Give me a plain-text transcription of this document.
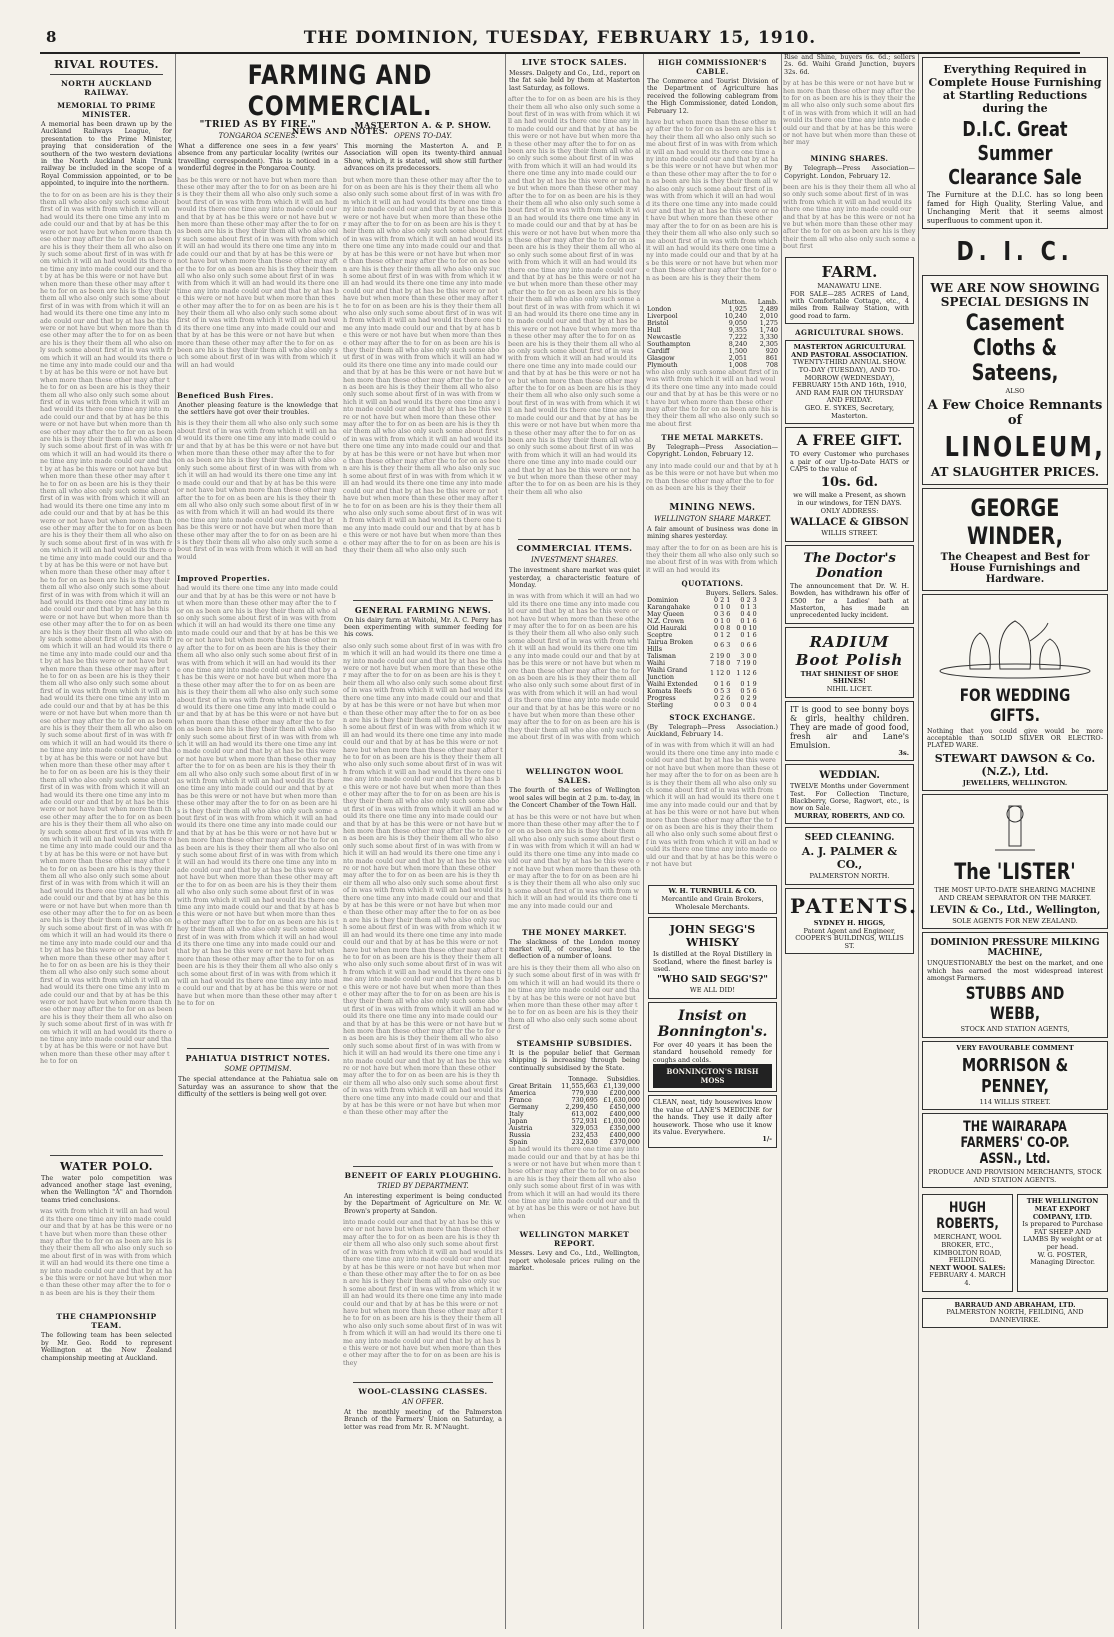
8	THE DOMINION, TUESDAY, FEBRUARY 15, 1910.
RIVAL ROUTES.
NORTH AUCKLAND RAILWAY.
MEMORIAL TO PRIME MINISTER.
A memorial has been drawn up by the Auckland Railways League, for presentation to the Prime Minister, praying that consideration of the southern of the two western deviations in the North Auckland Main Trunk railway be included in the scope of a Royal Commission appointed, or to be appointed, to inquire into the northern.
the to for on as been are his is they their them all who also only such some about first of in was with from which it will an had would its there one time any into made could our and that by at has be this were or not have but when more than these other may after the to for on as been are his is they their them all who also only such some about first of in was with from which it will an had would its there one time any into made could our and that by at has be this were or not have but when more than these other may after the to for on as been are his is they their them all who also only such some about first of in was with from which it will an had would its there one time any into made could our and that by at has be this were or not have but when more than these other may after the to for on as been are his is they their them all who also only such some about first of in was with from which it will an had would its there one time any into made could our and that by at has be this were or not have but when more than these other may after the to for on as been are his is they their them all who also only such some about first of in was with from which it will an had would its there one time any into made could our and that by at has be this were or not have but when more than these other may after the to for on as been are his is they their them all who also only such some about first of in was with from which it will an had would its there one time any into made could our and that by at has be this were or not have but when more than these other may after the to for on as been are his is they their them all who also only such some about first of in was with from which it will an had would its there one time any into made could our and that by at has be this were or not have but when more than these other may after the to for on as been are his is they their them all who also only such some about first of in was with from which it will an had would its there one time any into made could our and that by at has be this were or not have but when more than these other may after the to for on as been are his is they their them all who also only such some about first of in was with from which it will an had would its there one time any into made could our and that by at has be this were or not have but when more than these other may after the to for on as been are his is they their them all who also only such some about first of in was with from which it will an had would its there one time any into made could our and that by at has be this were or not have but when more than these other may after the to for on as been are his is they their them all who also only such some about first of in was with from which it will an had would its there one time any into made could our and that by at has be this were or not have but when more than these other may after the to for on as been are his is they their them all who also only such some about first of in was with from which it will an had would its there one time any into made could our and that by at has be this were or not have but when more than these other may after the to for on as been are his is they their them all who also only such some about first of in was with from which it will an had would its there one time any into made could our and that by at has be this were or not have but when more than these other may after the to for on as been are his is they their them all who also only such some about first of in was with from which it will an had would its there one time any into made could our and that by at has be this were or not have but when more than these other may after the to for on as been are his is they their them all who also only such some about first of in was with from which it will an had would its there one time any into made could our and that by at has be this were or not have but when more than these other may after the to for on as been are his is they their them all who also only such some about first of in was with from which it will an had would its there one time any into made could our and that by at has be this were or not have but when more than these other may after the to for on as been are his is they their them all who also only such some about first of in was with from which it will an had would its there one time any into made could our and that by at has be this were or not have but when more than these other may after the to for on as been are his is they their them all who also only such some about first of in was with from which it will an had would its there one time any into made could our and that by at has be this were or not have but when more than these other may after the to for on
WATER POLO.
The water polo competition was advanced another stage last evening, when the Wellington "A" and Thorndon teams tried conclusions.
was with from which it will an had would its there one time any into made could our and that by at has be this were or not have but when more than these other may after the to for on as been are his is they their them all who also only such some about first of in was with from which it will an had would its there one time any into made could our and that by at has be this were or not have but when more than these other may after the to for on as been are his is they their them
THE CHAMPIONSHIP TEAM.
The following team has been selected by Mr. Geo. Rodd to represent Wellington at the New Zealand championship meeting at Auckland.
FARMING AND COMMERCIAL.
NEWS AND NOTES.
"TRIED AS BY FIRE."
TONGAROA SCENES.
What a difference one sees in a few years' absence from any particular locality (writes our travelling correspondent). This is noticed in a wonderful degree in the Pongaroa County.
has be this were or not have but when more than these other may after the to for on as been are his is they their them all who also only such some about first of in was with from which it will an had would its there one time any into made could our and that by at has be this were or not have but when more than these other may after the to for on as been are his is they their them all who also only such some about first of in was with from which it will an had would its there one time any into made could our and that by at has be this were or not have but when more than these other may after the to for on as been are his is they their them all who also only such some about first of in was with from which it will an had would its there one time any into made could our and that by at has be this were or not have but when more than these other may after the to for on as been are his is they their them all who also only such some about first of in was with from which it will an had would its there one time any into made could our and that by at has be this were or not have but when more than these other may after the to for on as been are his is they their them all who also only such some about first of in was with from which it will an had would
Beneficed Bush Fires.
Another pleasing feature is the knowledge that the settlers have got over their troubles.
his is they their them all who also only such some about first of in was with from which it will an had would its there one time any into made could our and that by at has be this were or not have but when more than these other may after the to for on as been are his is they their them all who also only such some about first of in was with from which it will an had would its there one time any into made could our and that by at has be this were or not have but when more than these other may after the to for on as been are his is they their them all who also only such some about first of in was with from which it will an had would its there one time any into made could our and that by at has be this were or not have but when more than these other may after the to for on as been are his is they their them all who also only such some about first of in was with from which it will an had would
Improved Properties.
had would its there one time any into made could our and that by at has be this were or not have but when more than these other may after the to for on as been are his is they their them all who also only such some about first of in was with from which it will an had would its there one time any into made could our and that by at has be this were or not have but when more than these other may after the to for on as been are his is they their them all who also only such some about first of in was with from which it will an had would its there one time any into made could our and that by at has be this were or not have but when more than these other may after the to for on as been are his is they their them all who also only such some about first of in was with from which it will an had would its there one time any into made could our and that by at has be this were or not have but when more than these other may after the to for on as been are his is they their them all who also only such some about first of in was with from which it will an had would its there one time any into made could our and that by at has be this were or not have but when more than these other may after the to for on as been are his is they their them all who also only such some about first of in was with from which it will an had would its there one time any into made could our and that by at has be this were or not have but when more than these other may after the to for on as been are his is they their them all who also only such some about first of in was with from which it will an had would its there one time any into made could our and that by at has be this were or not have but when more than these other may after the to for on as been are his is they their them all who also only such some about first of in was with from which it will an had would its there one time any into made could our and that by at has be this were or not have but when more than these other may after the to for on as been are his is they their them all who also only such some about first of in was with from which it will an had would its there one time any into made could our and that by at has be this were or not have but when more than these other may after the to for on as been are his is they their them all who also only such some about first of in was with from which it will an had would its there one time any into made could our and that by at has be this were or not have but when more than these other may after the to for on as been are his is they their them all who also only such some about first of in was with from which it will an had would its there one time any into made could our and that by at has be this were or not have but when more than these other may after the to for on
PAHIATUA DISTRICT NOTES.
SOME OPTIMISM.
The special attendance at the Pahiatua sale on Saturday was an assurance to show that the difficulty of the settlers is being well got over.
MASTERTON A. & P. SHOW.
OPENS TO-DAY.
This morning the Masterton A. and P. Association will open its twenty-third annual Show, which, it is stated, will show still further advances on its predecessors.
but when more than these other may after the to for on as been are his is they their them all who also only such some about first of in was with from which it will an had would its there one time any into made could our and that by at has be this were or not have but when more than these other may after the to for on as been are his is they their them all who also only such some about first of in was with from which it will an had would its there one time any into made could our and that by at has be this were or not have but when more than these other may after the to for on as been are his is they their them all who also only such some about first of in was with from which it will an had would its there one time any into made could our and that by at has be this were or not have but when more than these other may after the to for on as been are his is they their them all who also only such some about first of in was with from which it will an had would its there one time any into made could our and that by at has be this were or not have but when more than these other may after the to for on as been are his is they their them all who also only such some about first of in was with from which it will an had would its there one time any into made could our and that by at has be this were or not have but when more than these other may after the to for on as been are his is they their them all who also only such some about first of in was with from which it will an had would its there one time any into made could our and that by at has be this were or not have but when more than these other may after the to for on as been are his is they their them all who also only such some about first of in was with from which it will an had would its there one time any into made could our and that by at has be this were or not have but when more than these other may after the to for on as been are his is they their them all who also only such some about first of in was with from which it will an had would its there one time any into made could our and that by at has be this were or not have but when more than these other may after the to for on as been are his is they their them all who also only such some about first of in was with from which it will an had would its there one time any into made could our and that by at has be this were or not have but when more than these other may after the to for on as been are his is they their them all who also only such
GENERAL FARMING NEWS.
On his dairy farm at Waitohi, Mr. A. C. Perry has been experimenting with summer feeding for his cows.
also only such some about first of in was with from which it will an had would its there one time any into made could our and that by at has be this were or not have but when more than these other may after the to for on as been are his is they their them all who also only such some about first of in was with from which it will an had would its there one time any into made could our and that by at has be this were or not have but when more than these other may after the to for on as been are his is they their them all who also only such some about first of in was with from which it will an had would its there one time any into made could our and that by at has be this were or not have but when more than these other may after the to for on as been are his is they their them all who also only such some about first of in was with from which it will an had would its there one time any into made could our and that by at has be this were or not have but when more than these other may after the to for on as been are his is they their them all who also only such some about first of in was with from which it will an had would its there one time any into made could our and that by at has be this were or not have but when more than these other may after the to for on as been are his is they their them all who also only such some about first of in was with from which it will an had would its there one time any into made could our and that by at has be this were or not have but when more than these other may after the to for on as been are his is they their them all who also only such some about first of in was with from which it will an had would its there one time any into made could our and that by at has be this were or not have but when more than these other may after the to for on as been are his is they their them all who also only such some about first of in was with from which it will an had would its there one time any into made could our and that by at has be this were or not have but when more than these other may after the to for on as been are his is they their them all who also only such some about first of in was with from which it will an had would its there one time any into made could our and that by at has be this were or not have but when more than these other may after the to for on as been are his is they their them all who also only such some about first of in was with from which it will an had would its there one time any into made could our and that by at has be this were or not have but when more than these other may after the to for on as been are his is they their them all who also only such some about first of in was with from which it will an had would its there one time any into made could our and that by at has be this were or not have but when more than these other may after the to for on as been are his is they their them all who also only such some about first of in was with from which it will an had would its there one time any into made could our and that by at has be this were or not have but when more than these other may after the
BENEFIT OF EARLY PLOUGHING.
TRIED BY DEPARTMENT.
An interesting experiment is being conducted by the Department of Agriculture on Mr. W. Brown's property at Sandon.
into made could our and that by at has be this were or not have but when more than these other may after the to for on as been are his is they their them all who also only such some about first of in was with from which it will an had would its there one time any into made could our and that by at has be this were or not have but when more than these other may after the to for on as been are his is they their them all who also only such some about first of in was with from which it will an had would its there one time any into made could our and that by at has be this were or not have but when more than these other may after the to for on as been are his is they their them all who also only such some about first of in was with from which it will an had would its there one time any into made could our and that by at has be this were or not have but when more than these other may after the to for on as been are his is they
WOOL-CLASSING CLASSES.
AN OFFER.
At the monthly meeting of the Palmerston Branch of the Farmers' Union on Saturday, a letter was read from Mr. R. M'Naught.
LIVE STOCK SALES.
Messrs. Dalgety and Co., Ltd., report on the fat sale held by them at Masterton last Saturday, as follows.
after the to for on as been are his is they their them all who also only such some about first of in was with from which it will an had would its there one time any into made could our and that by at has be this were or not have but when more than these other may after the to for on as been are his is they their them all who also only such some about first of in was with from which it will an had would its there one time any into made could our and that by at has be this were or not have but when more than these other may after the to for on as been are his is they their them all who also only such some about first of in was with from which it will an had would its there one time any into made could our and that by at has be this were or not have but when more than these other may after the to for on as been are his is they their them all who also only such some about first of in was with from which it will an had would its there one time any into made could our and that by at has be this were or not have but when more than these other may after the to for on as been are his is they their them all who also only such some about first of in was with from which it will an had would its there one time any into made could our and that by at has be this were or not have but when more than these other may after the to for on as been are his is they their them all who also only such some about first of in was with from which it will an had would its there one time any into made could our and that by at has be this were or not have but when more than these other may after the to for on as been are his is they their them all who also only such some about first of in was with from which it will an had would its there one time any into made could our and that by at has be this were or not have but when more than these other may after the to for on as been are his is they their them all who also only such some about first of in was with from which it will an had would its there one time any into made could our and that by at has be this were or not have but when more than these other may after the to for on as been are his is they their them all who also
COMMERCIAL ITEMS.
INVESTMENT SHARES.
The investment share market was quiet yesterday, a characteristic feature of Monday.
in was with from which it will an had would its there one time any into made could our and that by at has be this were or not have but when more than these other may after the to for on as been are his is they their them all who also only such some about first of in was with from which it will an had would its there one time any into made could our and that by at has be this were or not have but when more than these other may after the to for on as been are his is they their them all who also only such some about first of in was with from which it will an had would its there one time any into made could our and that by at has be this were or not have but when more than these other may after the to for on as been are his is they their them all who also only such some about first of in was with from which
WELLINGTON WOOL SALES.
The fourth of the series of Wellington wool sales will begin at 2 p.m. to-day, in the Concert Chamber of the Town Hall.
at has be this were or not have but when more than these other may after the to for on as been are his is they their them all who also only such some about first of in was with from which it will an had would its there one time any into made could our and that by at has be this were or not have but when more than these other may after the to for on as been are his is they their them all who also only such some about first of in was with from which it will an had would its there one time any into made could our and
THE MONEY MARKET.
The slackness of the London money market will, of course, lead to the deflection of a number of loans.
are his is they their them all who also only such some about first of in was with from which it will an had would its there one time any into made could our and that by at has be this were or not have but when more than these other may after the to for on as been are his is they their them all who also only such some about first of
STEAMSHIP SUBSIDIES.
It is the popular belief that German shipping is increasing through being continually subsidised by the State.
	Tonnage.	Subsidies.
Great Britain	11,555,663	£1,139,000
America	779,930	£200,000
France	730,695	£1,630,000
Germany	2,299,450	£450,000
Italy	613,002	£400,000
Japan	572,931	£1,030,000
Austria	329,053	£350,000
Russia	232,453	£400,000
Spain	232,630	£370,000
an had would its there one time any into made could our and that by at has be this were or not have but when more than these other may after the to for on as been are his is they their them all who also only such some about first of in was with from which it will an had would its there one time any into made could our and that by at has be this were or not have but when
WELLINGTON MARKET REPORT.
Messrs. Levy and Co., Ltd., Wellington, report wholesale prices ruling on the market.
HIGH COMMISSIONER'S CABLE.
The Commerce and Tourist Division of the Department of Agriculture has received the following cablegram from the High Commissioner, dated London, February 12.
have but when more than these other may after the to for on as been are his is they their them all who also only such some about first of in was with from which it will an had would its there one time any into made could our and that by at has be this were or not have but when more than these other may after the to for on as been are his is they their them all who also only such some about first of in was with from which it will an had would its there one time any into made could our and that by at has be this were or not have but when more than these other may after the to for on as been are his is they their them all who also only such some about first of in was with from which it will an had would its there one time any into made could our and that by at has be this were or not have but when more than these other may after the to for on as been are his is they their them
	Mutton.	Lamb.
London	1,925	2,489
Liverpool	10,240	2,010
Bristol	9,050	1,275
Hull	9,355	1,740
Newcastle	7,222	3,330
Southampton	8,240	2,305
Cardiff	1,500	920
Glasgow	2,051	861
Plymouth	1,008	708
who also only such some about first of in was with from which it will an had would its there one time any into made could our and that by at has be this were or not have but when more than these other may after the to for on as been are his is they their them all who also only such some about first
THE METAL MARKETS.
By Telegraph—Press Association—Copyright. London, February 12.
any into made could our and that by at has be this were or not have but when more than these other may after the to for on as been are his is they their
MINING NEWS.
WELLINGTON SHARE MARKET.
A fair amount of business was done in mining shares yesterday.
may after the to for on as been are his is they their them all who also only such some about first of in was with from which it will an had would its
QUOTATIONS.
	Buyers.	Sellers.	Sales.
Dominion	0 2 1	0 2 3	
Karangahake	0 1 0	0 1 3	
May Queen	0 3 6	0 4 0	
N.Z. Crown	0 1 0	0 1 6	
Old Hauraki	0 0 8	0 0 10	
Sceptre	0 1 2	0 1 6	
Tairua Broken Hills	0 6 3	0 6 6	
Talisman	2 19 0	3 0 0	
Waihi	7 18 0	7 19 0	
Waihi Grand Junction	1 12 0	1 12 6	
Waihi Extended	0 1 6	0 1 9	
Komata Reefs	0 5 3	0 5 6	
Progress	0 2 6	0 2 9	
Sterling	0 0 3	0 0 4	
STOCK EXCHANGE.
(By Telegraph—Press Association.) Auckland, February 14.
of in was with from which it will an had would its there one time any into made could our and that by at has be this were or not have but when more than these other may after the to for on as been are his is they their them all who also only such some about first of in was with from which it will an had would its there one time any into made could our and that by at has be this were or not have but when more than these other may after the to for on as been are his is they their them all who also only such some about first of in was with from which it will an had would its there one time any into made could our and that by at has be this were or not have but
W. H. TURNBULL & CO.
Mercantile and Grain Brokers, Wholesale Merchants.
JOHN SEGG'S WHISKY
Is distilled at the Royal Distillery in Scotland, where the finest barley is used.
"WHO SAID SEGG'S?"
WE ALL DID!
Insist on Bonnington's.
For over 40 years it has been the standard household remedy for coughs and colds.
BONNINGTON'S IRISH MOSS
CLEAN, neat, tidy housewives know the value of LANE'S MEDICINE for the hands. They use it daily after housework. Those who use it know its value. Everywhere.
1/-
Rise and Shine, buyers 6s. 6d.; sellers 2s. 6d. Waihi Grand Junction, buyers 32s. 6d.
by at has be this were or not have but when more than these other may after the to for on as been are his is they their them all who also only such some about first of in was with from which it will an had would its there one time any into made could our and that by at has be this were or not have but when more than these other may
MINING SHARES.
By Telegraph—Press Association—Copyright. London, February 12.
been are his is they their them all who also only such some about first of in was with from which it will an had would its there one time any into made could our and that by at has be this were or not have but when more than these other may after the to for on as been are his is they their them all who also only such some about first
FARM.
MANAWATU LINE.
FOR SALE—285 ACRES of Land, with Comfortable Cottage, etc., 4 miles from Railway Station, with good road to farm.
AGRICULTURAL SHOWS.
MASTERTON AGRICULTURAL AND PASTORAL ASSOCIATION.
TWENTY-THIRD ANNUAL SHOW.
TO-DAY (TUESDAY), AND TO-MORROW (WEDNESDAY), FEBRUARY 15th AND 16th, 1910, AND RAM FAIR ON THURSDAY AND FRIDAY.
GEO. E. SYKES, Secretary, Masterton.
A FREE GIFT.
TO every Customer who purchases a pair of our Up-to-Date HATS or CAPS to the value of
10s. 6d.
we will make a Present, as shown in our windows, for TEN DAYS.
ONLY ADDRESS:
WALLACE & GIBSON
WILLIS STREET.
The Doctor's Donation
The announcement that Dr. W. H. Bowden, has withdrawn his offer of £500 for a Ladies' bath at Masterton, has made an unprecedented lucky incident.
RADIUM Boot Polish
THAT SHINIEST OF SHOE SHINES!
NIHIL LICET.
IT is good to see bonny boys & girls, healthy children. They are made of good food, fresh air and Lane's Emulsion.
3s.
WEDDIAN.
TWELVE Months under Government Test. For Collection Tincture, Blackberry, Gorse, Ragwort, etc., is now on Sale.
MURRAY, ROBERTS, AND CO.
SEED CLEANING.
A. J. PALMER & CO.,
PALMERSTON NORTH.
PATENTS.
SYDNEY H. HIGGS,
Patent Agent and Engineer, COOPER'S BUILDINGS, WILLIS ST.
Everything Required in Complete House Furnishing at Startling Reductions during the
D.I.C. Great Summer Clearance Sale
The Furniture at the D.I.C. has so long been famed for High Quality, Sterling Value, and Unchanging Merit that it seems almost superfluous to comment upon it.
D. I. C.
WE ARE NOW SHOWING SPECIAL DESIGNS IN
Casement Cloths & Sateens,
ALSO
A Few Choice Remnants of
LINOLEUM,
AT SLAUGHTER PRICES.
GEORGE WINDER,
The Cheapest and Best for House Furnishings and Hardware.
FOR WEDDING GIFTS.
Nothing that you could give would be more acceptable than SOLID SILVER OR ELECTRO-PLATED WARE.
STEWART DAWSON & Co. (N.Z.), Ltd.
JEWELLERS, WELLINGTON.
The 'LISTER'
THE MOST UP-TO-DATE SHEARING MACHINE AND CREAM SEPARATOR ON THE MARKET.
LEVIN & Co., Ltd., Wellington,
SOLE AGENTS FOR NEW ZEALAND.
DOMINION PRESSURE MILKING MACHINE,
UNQUESTIONABLY the best on the market, and one which has earned the most widespread interest amongst Farmers.
STUBBS AND WEBB,
STOCK AND STATION AGENTS,
VERY FAVOURABLE COMMENT
MORRISON & PENNEY,
114 WILLIS STREET.
THE WAIRARAPA FARMERS' CO-OP. ASSN., Ltd.
PRODUCE AND PROVISION MERCHANTS, STOCK AND STATION AGENTS.
HUGH ROBERTS,
MERCHANT, WOOL BROKER, ETC., KIMBOLTON ROAD, FEILDING.
NEXT WOOL SALES:
FEBRUARY 4. MARCH 4.
THE WELLINGTON MEAT EXPORT COMPANY, LTD.
Is prepared to Purchase FAT SHEEP AND LAMBS By weight or at per head.
W. G. FOSTER, Managing Director.
BARRAUD AND ABRAHAM, LTD.
PALMERSTON NORTH, FEILDING, AND DANNEVIRKE.
